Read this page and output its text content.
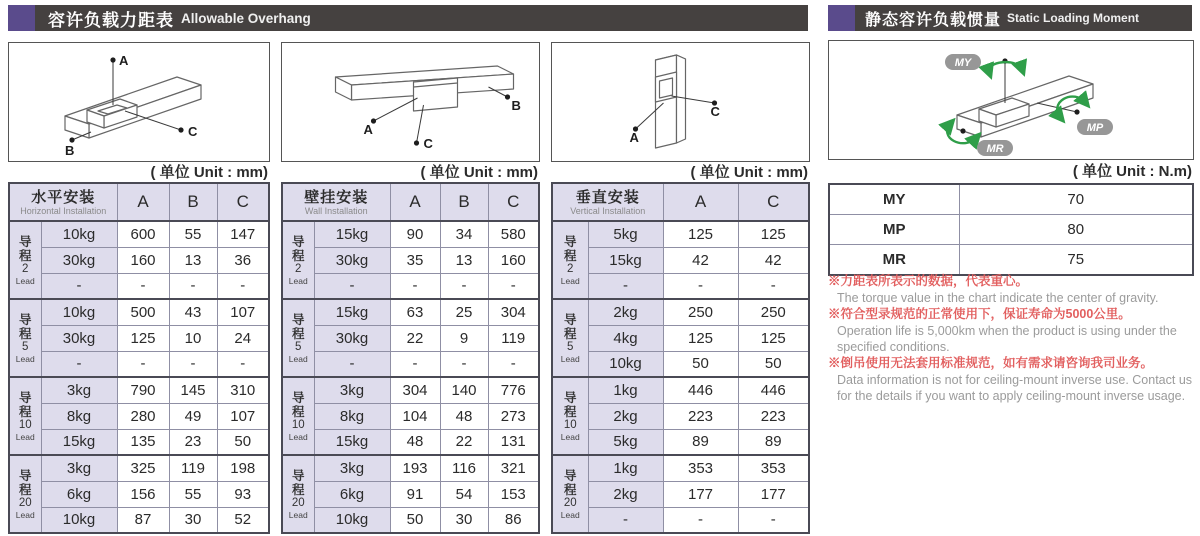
容许负载力距表 Allowable Overhang	静态容许负载惯量 Static Loading Moment
A
B
C	A
B
C	A
C
MY
MP
MR
( 单位 Unit : mm)	( 单位 Unit : mm)	( 单位 Unit : mm)	( 单位 Unit : N.m)
水平安装
Horizontal Installation		A	B	C

导
程
2
Lead	10kg	600	55	147
	30kg	160	13	36
	-	-	-	-

导
程
5
Lead	10kg	500	43	107
	30kg	125	10	24
	-	-	-	-

导
程
10
Lead	3kg	790	145	310
	8kg	280	49	107
	15kg	135	23	50

导
程
20
Lead	3kg	325	119	198
	6kg	156	55	93
	10kg	87	30	52
壁挂安装
Wall Installation		A	B	C

导
程
2
Lead	15kg	90	34	580
	30kg	35	13	160
	-	-	-	-

导
程
5
Lead	15kg	63	25	304
	30kg	22	9	119
	-	-	-	-

导
程
10
Lead	3kg	304	140	776
	8kg	104	48	273
	15kg	48	22	131

导
程
20
Lead	3kg	193	116	321
	6kg	91	54	153
	10kg	50	30	86
垂直安装
Vertical Installation		A	C

导
程
2
Lead	5kg	125	125
	15kg	42	42
	-	-	-

导
程
5
Lead	2kg	250	250
	4kg	125	125
	10kg	50	50

导
程
10
Lead	1kg	446	446
	2kg	223	223
	5kg	89	89

导
程
20
Lead	1kg	353	353
	2kg	177	177
	-	-	-
MY	70
MP	80
MR	75
※力距表所表示的数据，代表重心。
The torque value in the chart indicate the center of gravity.
※符合型录规范的正常使用下，保证寿命为5000公里。
Operation life is 5,000km when the product is using under the specified conditions.
※倒吊使用无法套用标准规范，如有需求请咨询我司业务。
Data information is not for ceiling-mount inverse use. Contact us for the details if you want to apply ceiling-mount inverse usage.
